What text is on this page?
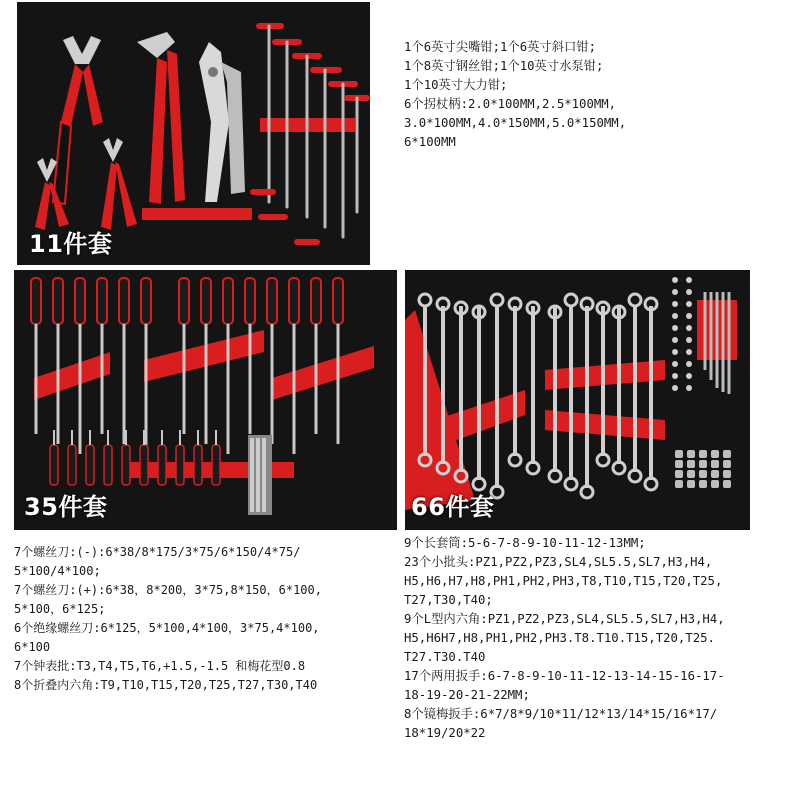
11件套
35件套	66件套
1个6英寸尖嘴钳;1个6英寸斜口钳;
1个8英寸钢丝钳;1个10英寸水泵钳;
1个10英寸大力钳;
6个拐杖柄:2.0*100MM,2.5*100MM,
3.0*100MM,4.0*150MM,5.0*150MM,
6*100MM
7个螺丝刀:(-):6*38/8*175/3*75/6*150/4*75/
5*100/4*100;
7个螺丝刀:(+):6*38，8*200，3*75,8*150，6*100,
5*100，6*125;
6个绝缘螺丝刀:6*125，5*100,4*100，3*75,4*100,
6*100
7个钟表批:T3,T4,T5,T6,+1.5,-1.5 和梅花型0.8
8个折叠内六角:T9,T10,T15,T20,T25,T27,T30,T40
9个长套筒:5-6-7-8-9-10-11-12-13MM;
23个小批头:PZ1,PZ2,PZ3,SL4,SL5.5,SL7,H3,H4,
H5,H6,H7,H8,PH1,PH2,PH3,T8,T10,T15,T20,T25,
T27,T30,T40;
9个L型内六角:PZ1,PZ2,PZ3,SL4,SL5.5,SL7,H3,H4,
H5,H6H7,H8,PH1,PH2,PH3.T8.T10.T15,T20,T25.
T27.T30.T40
17个两用扳手:6-7-8-9-10-11-12-13-14-15-16-17-
18-19-20-21-22MM;
8个镜梅扳手:6*7/8*9/10*11/12*13/14*15/16*17/
18*19/20*22
